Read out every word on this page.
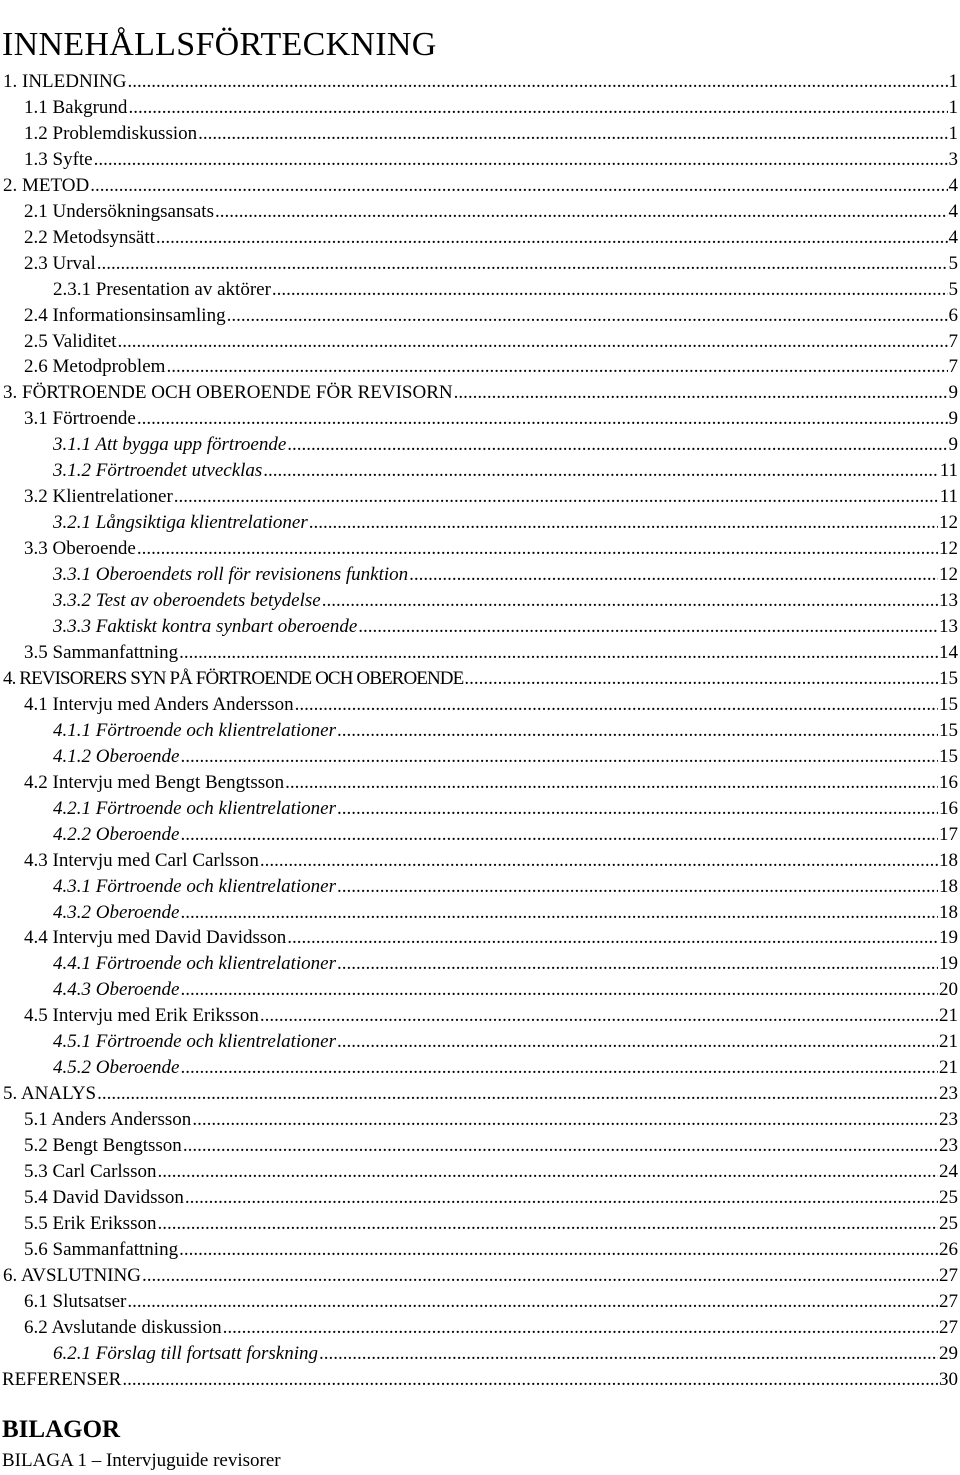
INNEHÅLLSFÖRTECKNING
1. INLEDNING .....	1
1.1 Bakgrund .....	1
1.2 Problemdiskussion .....	1
1.3 Syfte .....	3
2. METOD .....	4
2.1 Undersökningsansats .....	4
2.2 Metodsynsätt .....	4
2.3 Urval .....	5
2.3.1 Presentation av aktörer .....	5
2.4 Informationsinsamling .....	6
2.5 Validitet .....	7
2.6 Metodproblem .....	7
3. FÖRTROENDE OCH OBEROENDE FÖR REVISORN .....	9
3.1 Förtroende .....	9
3.1.1 Att bygga upp förtroende .....	9
3.1.2 Förtroendet utvecklas .....	11
3.2 Klientrelationer .....	11
3.2.1 Långsiktiga klientrelationer .....	12
3.3 Oberoende .....	12
3.3.1 Oberoendets roll för revisionens funktion .....	12
3.3.2 Test av oberoendets betydelse .....	13
3.3.3 Faktiskt kontra synbart oberoende .....	13
3.5 Sammanfattning .....	14
4. REVISORERS SYN PÅ FÖRTROENDE OCH OBEROENDE .....	15
4.1 Intervju med Anders Andersson .....	15
4.1.1 Förtroende och klientrelationer .....	15
4.1.2 Oberoende .....	15
4.2 Intervju med Bengt Bengtsson .....	16
4.2.1 Förtroende och klientrelationer .....	16
4.2.2 Oberoende .....	17
4.3 Intervju med Carl Carlsson .....	18
4.3.1 Förtroende och klientrelationer .....	18
4.3.2 Oberoende .....	18
4.4 Intervju med David Davidsson .....	19
4.4.1 Förtroende och klientrelationer .....	19
4.4.3 Oberoende .....	20
4.5 Intervju med Erik Eriksson .....	21
4.5.1 Förtroende och klientrelationer .....	21
4.5.2 Oberoende .....	21
5. ANALYS .....	23
5.1 Anders Andersson .....	23
5.2 Bengt Bengtsson .....	23
5.3 Carl Carlsson .....	24
5.4 David Davidsson .....	25
5.5 Erik Eriksson .....	25
5.6 Sammanfattning .....	26
6. AVSLUTNING .....	27
6.1 Slutsatser .....	27
6.2 Avslutande diskussion .....	27
6.2.1 Förslag till fortsatt forskning .....	29
REFERENSER .....	30
BILAGOR
BILAGA 1 – Intervjuguide revisorer
